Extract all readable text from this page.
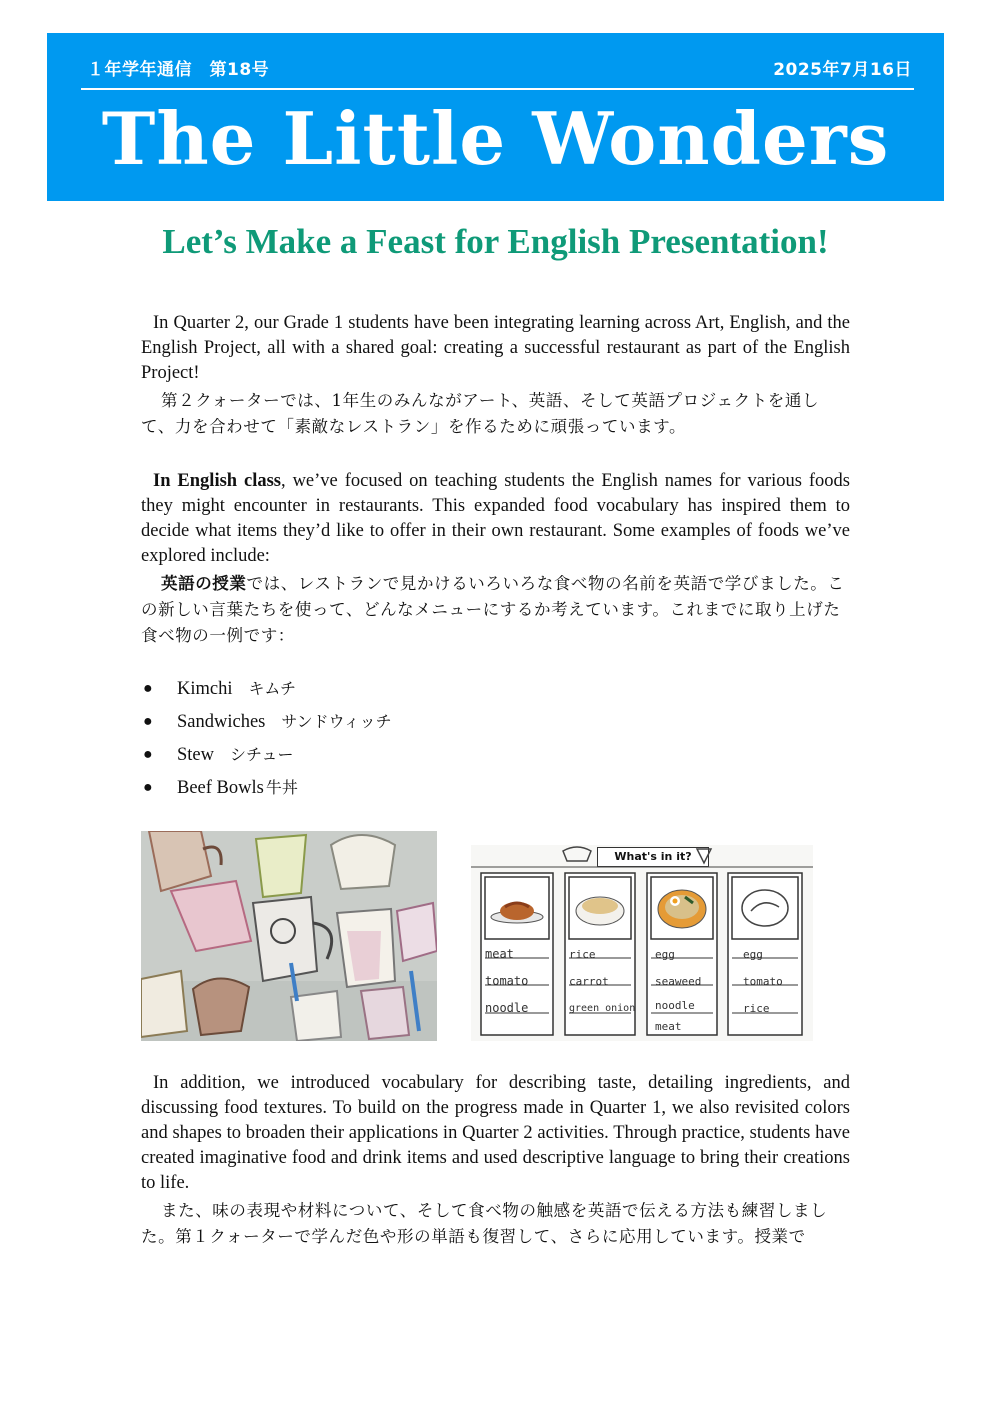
１年学年通信　第18号	2025年7月16日
The Little Wonders
Let’s Make a Feast for English Presentation!
In Quarter 2, our Grade 1 students have been integrating learning across Art, English, and the English Project, all with a shared goal: creating a successful restaurant as part of the English Project!
第２クォーターでは、1年生のみんながアート、英語、そして英語プロジェクトを通して、力を合わせて「素敵なレストラン」を作るために頑張っています。
In English class, we’ve focused on teaching students the English names for various foods they might encounter in restaurants. This expanded food vocabulary has inspired them to decide what items they’d like to offer in their own restaurant. Some examples of foods we’ve explored include:
英語の授業では、レストランで見かけるいろいろな食べ物の名前を英語で学びました。この新しい言葉たちを使って、どんなメニューにするか考えています。これまでに取り上げた食べ物の一例です：
● Kimchi キムチ
● Sandwiches サンドウィッチ
● Stew シチュー
● Beef Bowls 牛丼
What's in it?
meat
tomato
noodle
rice
carrot
green onion
egg
seaweed
noodle
meat
egg
tomato
rice
In addition, we introduced vocabulary for describing taste, detailing ingredients, and discussing food textures. To build on the progress made in Quarter 1, we also revisited colors and shapes to broaden their applications in Quarter 2 activities. Through practice, students have created imaginative food and drink items and used descriptive language to bring their creations to life.
また、味の表現や材料について、そして食べ物の触感を英語で伝える方法も練習しました。第１クォーターで学んだ色や形の単語も復習して、さらに応用しています。授業で
